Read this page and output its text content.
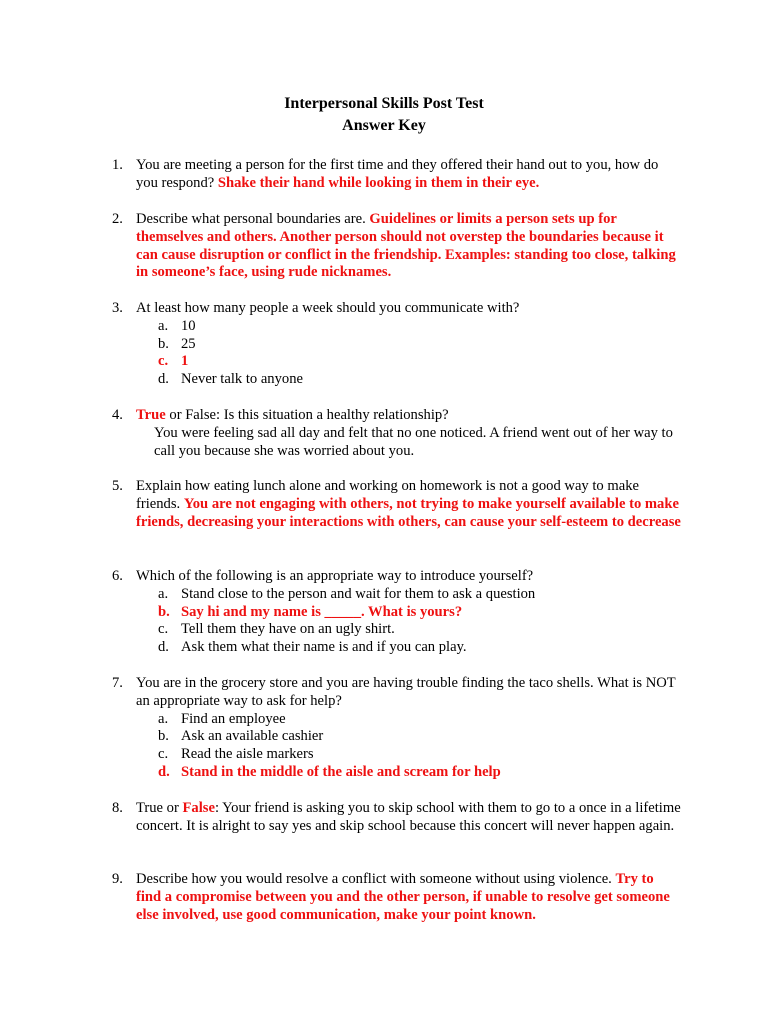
Interpersonal Skills Post Test
Answer Key
1. You are meeting a person for the first time and they offered their hand out to you, how do you respond? Shake their hand while looking in them in their eye.
2. Describe what personal boundaries are. Guidelines or limits a person sets up for themselves and others. Another person should not overstep the boundaries because it can cause disruption or conflict in the friendship. Examples: standing too close, talking in someone’s face, using rude nicknames.
3. At least how many people a week should you communicate with?
a. 10
b. 25
c. 1
d. Never talk to anyone
4. True or False: Is this situation a healthy relationship?
You were feeling sad all day and felt that no one noticed. A friend went out of her way to call you because she was worried about you.
5. Explain how eating lunch alone and working on homework is not a good way to make friends. You are not engaging with others, not trying to make yourself available to make friends, decreasing your interactions with others, can cause your self-esteem to decrease
6. Which of the following is an appropriate way to introduce yourself?
a. Stand close to the person and wait for them to ask a question
b. Say hi and my name is _____. What is yours?
c. Tell them they have on an ugly shirt.
d. Ask them what their name is and if you can play.
7. You are in the grocery store and you are having trouble finding the taco shells. What is NOT an appropriate way to ask for help?
a. Find an employee
b. Ask an available cashier
c. Read the aisle markers
d. Stand in the middle of the aisle and scream for help
8. True or False: Your friend is asking you to skip school with them to go to a once in a lifetime concert. It is alright to say yes and skip school because this concert will never happen again.
9. Describe how you would resolve a conflict with someone without using violence. Try to find a compromise between you and the other person, if unable to resolve get someone else involved, use good communication, make your point known.
